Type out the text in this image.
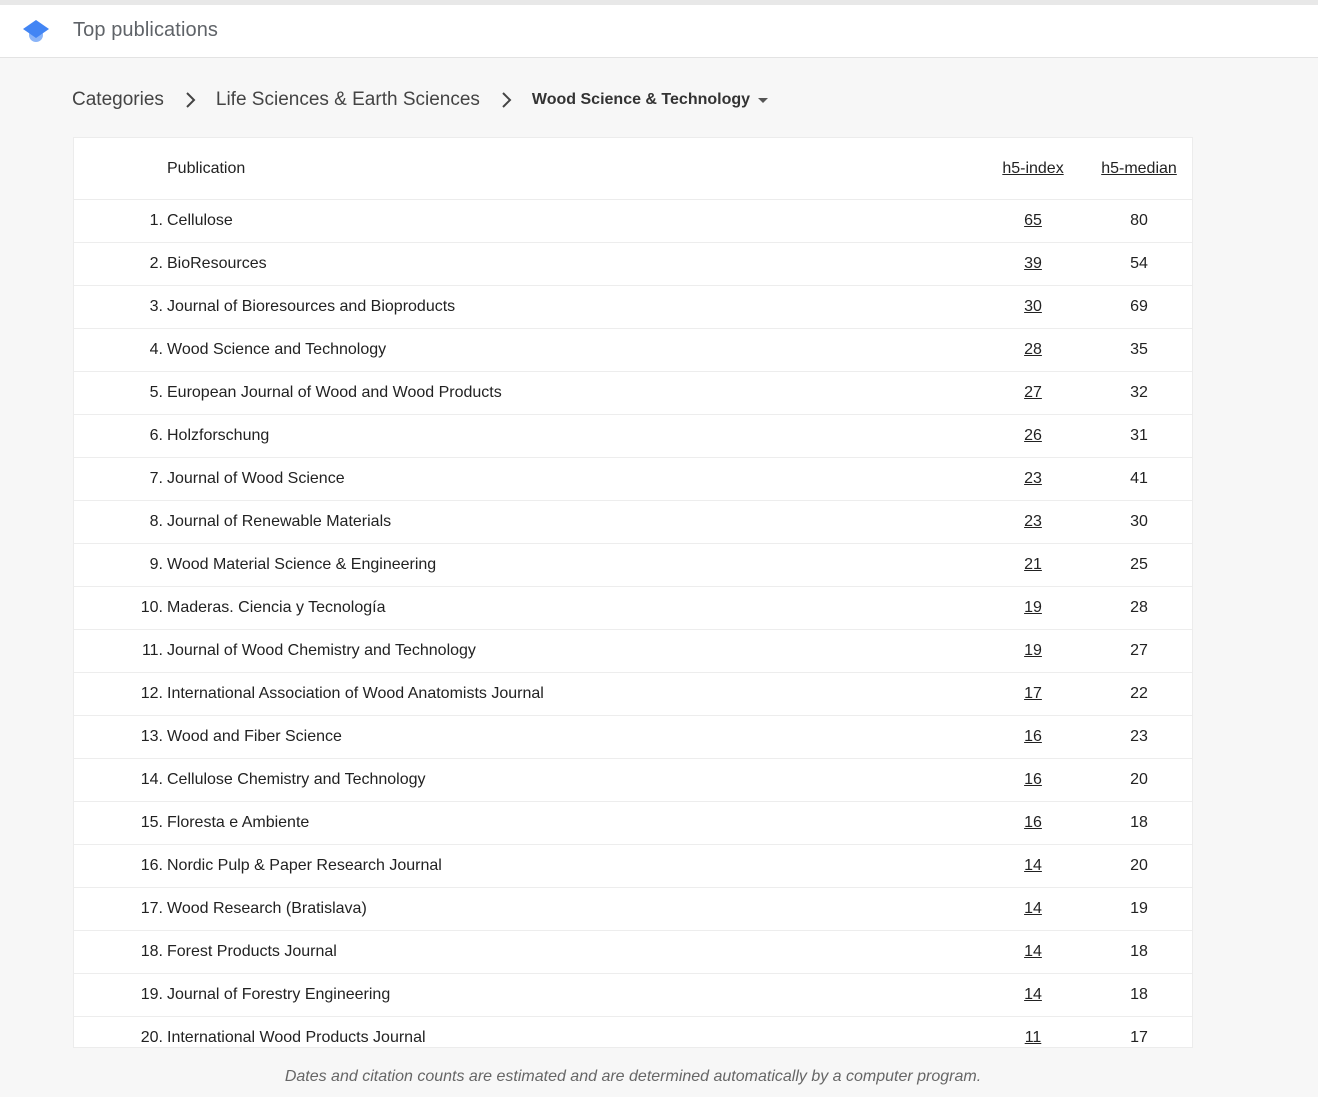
Top publications
Categories	Life Sciences & Earth Sciences	Wood Science & Technology
	Publication	h5-index	h5-median
1.	Cellulose	65	80
2.	BioResources	39	54
3.	Journal of Bioresources and Bioproducts	30	69
4.	Wood Science and Technology	28	35
5.	European Journal of Wood and Wood Products	27	32
6.	Holzforschung	26	31
7.	Journal of Wood Science	23	41
8.	Journal of Renewable Materials	23	30
9.	Wood Material Science & Engineering	21	25
10.	Maderas. Ciencia y Tecnología	19	28
11.	Journal of Wood Chemistry and Technology	19	27
12.	International Association of Wood Anatomists Journal	17	22
13.	Wood and Fiber Science	16	23
14.	Cellulose Chemistry and Technology	16	20
15.	Floresta e Ambiente	16	18
16.	Nordic Pulp & Paper Research Journal	14	20
17.	Wood Research (Bratislava)	14	19
18.	Forest Products Journal	14	18
19.	Journal of Forestry Engineering	14	18
20.	International Wood Products Journal	11	17
Dates and citation counts are estimated and are determined automatically by a computer program.
